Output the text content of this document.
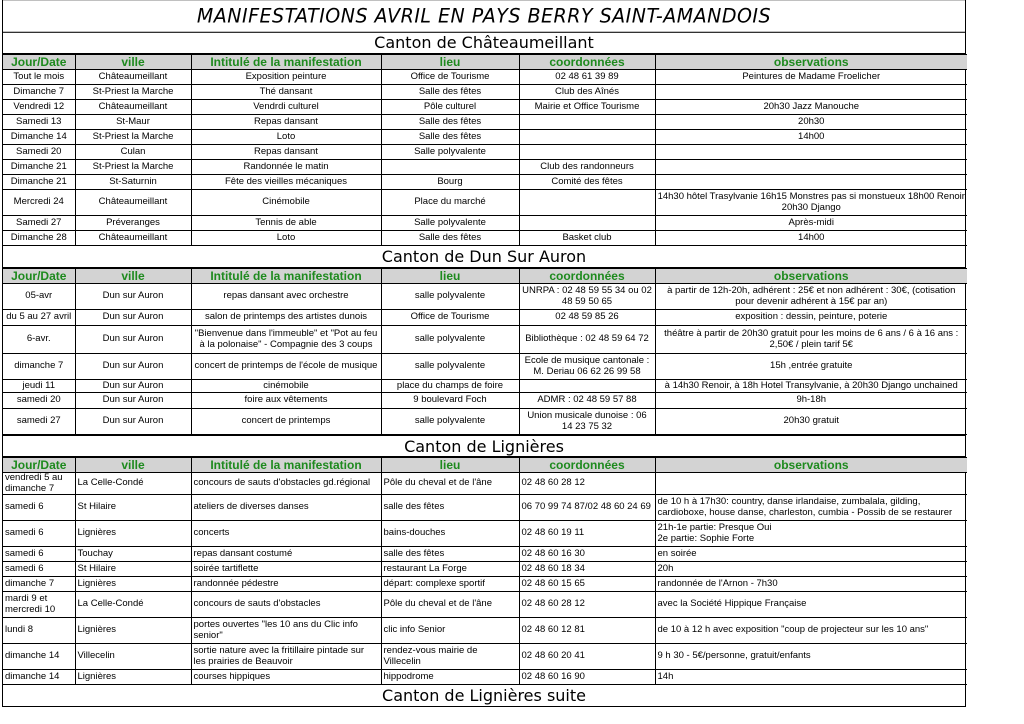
MANIFESTATIONS AVRIL EN PAYS BERRY SAINT-AMANDOIS
Canton de Châteaumeillant
Jour/Date	ville	Intitulé de la manifestation	lieu	coordonnées	observations
Tout le mois	Châteaumeillant	Exposition peinture	Office de Tourisme	02 48 61 39 89	Peintures de Madame Froelicher
Dimanche 7	St-Priest la Marche	Thé dansant	Salle des fêtes	Club des Aînés	
Vendredi 12	Châteaumeillant	Vendrdi culturel	Pôle culturel	Mairie et Office Tourisme	20h30 Jazz Manouche
Samedi 13	St-Maur	Repas dansant	Salle des fêtes		20h30
Dimanche 14	St-Priest la Marche	Loto	Salle des fêtes		14h00
Samedi 20	Culan	Repas dansant	Salle polyvalente		
Dimanche 21	St-Priest la Marche	Randonnée le matin		Club des randonneurs	
Dimanche 21	St-Saturnin	Fête des vieilles mécaniques	Bourg	Comité des fêtes	
Mercredi 24	Châteaumeillant	Cinémobile	Place du marché		14h30 hôtel Trasylvanie 16h15 Monstres pas si monstueux 18h00 Renoir 20h30 Django
Samedi 27	Préveranges	Tennis de able	Salle polyvalente		Après-midi
Dimanche 28	Châteaumeillant	Loto	Salle des fêtes	Basket club	14h00
Canton de Dun Sur Auron
Jour/Date	ville	Intitulé de la manifestation	lieu	coordonnées	observations
05-avr	Dun sur Auron	repas dansant avec orchestre	salle polyvalente	UNRPA : 02 48 59 55 34 ou 02 48 59 50 65	à partir de 12h-20h, adhérent : 25€ et non adhérent : 30€, (cotisation pour devenir adhérent à 15€ par an)
du 5 au 27 avril	Dun sur Auron	salon de printemps des artistes dunois	Office de Tourisme	02 48 59 85 26	exposition : dessin, peinture, poterie
6-avr.	Dun sur Auron	"Bienvenue dans l'immeuble" et "Pot au feu à la polonaise" - Compagnie des 3 coups	salle polyvalente	Bibliothèque : 02 48 59 64 72	théâtre à partir de 20h30 gratuit pour les moins de 6 ans / 6 à 16 ans : 2,50€ / plein tarif 5€
dimanche 7	Dun sur Auron	concert de printemps de l'école de musique	salle polyvalente	Ecole de musique cantonale : M. Deriau 06 62 26 99 58	15h ,entrée gratuite
jeudi 11	Dun sur Auron	cinémobile	place du champs de foire		à 14h30 Renoir, à 18h Hotel Transylvanie, à 20h30 Django unchained
samedi 20	Dun sur Auron	foire aux vêtements	9 boulevard Foch	ADMR : 02 48 59 57 88	9h-18h
samedi 27	Dun sur Auron	concert de printemps	salle polyvalente	Union musicale dunoise : 06 14 23 75 32	20h30 gratuit
Canton de Lignières
Jour/Date	ville	Intitulé de la manifestation	lieu	coordonnées	observations
vendredi 5 au dimanche 7	La Celle-Condé	concours de sauts d'obstacles gd.régional	Pôle du cheval et de l'âne	02 48 60 28 12	
samedi 6	St Hilaire	ateliers de diverses danses	salle des fêtes	06 70 99 74 87/02 48 60 24 69	de 10 h à 17h30: country, danse irlandaise, zumbalala, gilding, cardioboxe, house danse, charleston, cumbia - Possib de se restaurer
samedi 6	Lignières	concerts	bains-douches	02 48 60 19 11	21h-1e partie: Presque Oui
2e partie: Sophie Forte
samedi 6	Touchay	repas dansant costumé	salle des fêtes	02 48 60 16 30	en soirée
samedi 6	St Hilaire	soirée tartiflette	restaurant La Forge	02 48 60 18 34	20h
dimanche 7	Lignières	randonnée pédestre	départ: complexe sportif	02 48 60 15 65	randonnée de l'Arnon - 7h30
mardi 9 et mercredi 10	La Celle-Condé	concours de sauts d'obstacles	Pôle du cheval et de l'âne	02 48 60 28 12	avec la Société Hippique Française
lundi 8	Lignières	portes ouvertes "les 10 ans du Clic info senior"	clic info Senior	02 48 60 12 81	de 10 à 12 h avec exposition "coup de projecteur sur les 10 ans"
dimanche 14	Villecelin	sortie nature avec la fritillaire pintade sur les prairies de Beauvoir	rendez-vous mairie de Villecelin	02 48 60 20 41	9 h 30 - 5€/personne, gratuit/enfants
dimanche 14	Lignières	courses hippiques	hippodrome	02 48 60 16 90	14h
Canton de Lignières suite
